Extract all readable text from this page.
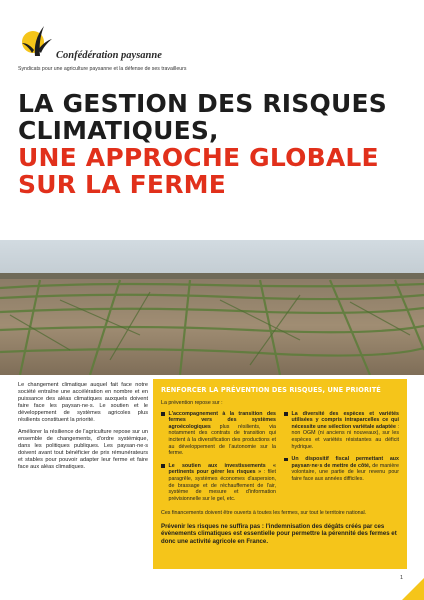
Confédération paysanne
Syndicats pour une agriculture paysanne et la défense de ses travailleurs
LA GESTION DES RISQUES
CLIMATIQUES,
UNE APPROCHE GLOBALE
SUR LA FERME

Le changement climatique auquel fait face notre société entraîne une accélération en nombre et en puissance des aléas climatiques auxquels doivent faire face les paysan·ne·s. Le soutien et le développement de systèmes agricoles plus résilients constituent la priorité.

Améliorer la résilience de l'agriculture repose sur un ensemble de changements, d'ordre systémique, dans les politiques publiques. Les paysan·ne·s doivent avant tout bénéficier de prix rémunérateurs et stables pour pouvoir adapter leur ferme et faire face aux aléas climatiques.

RENFORCER LA PRÉVENTION DES RISQUES, UNE PRIORITÉ
La prévention repose sur :
L'accompagnement à la transition des fermes vers des systèmes agroécologiques plus résilients, via notamment des contrats de transition qui incitent à la diversification des productions et au développement de l'autonomie sur la ferme.
Le soutien aux investissements « pertinents pour gérer les risques » : filet paragrêle, systèmes économes d'aspersion, de brassage et de réchauffement de l'air, système de mesure et d'information prévisionnelle sur le gel, etc.
La diversité des espèces et variétés utilisées y compris intraparcelles ce qui nécessite une sélection variétale adaptée : non OGM (ni anciens ni nouveaux), sur les espèces et variétés résistantes au déficit hydrique.
Un dispositif fiscal permettant aux paysan·ne·s de mettre de côté, de manière volontaire, une partie de leur revenu pour faire face aux années difficiles.
Ces financements doivent être ouverts à toutes les fermes, sur tout le territoire national.
Prévenir les risques ne suffira pas : l'indemnisation des dégâts créés par ces évènements climatiques est essentielle pour permettre la pérennité des fermes et donc une activité agricole en France.
1
